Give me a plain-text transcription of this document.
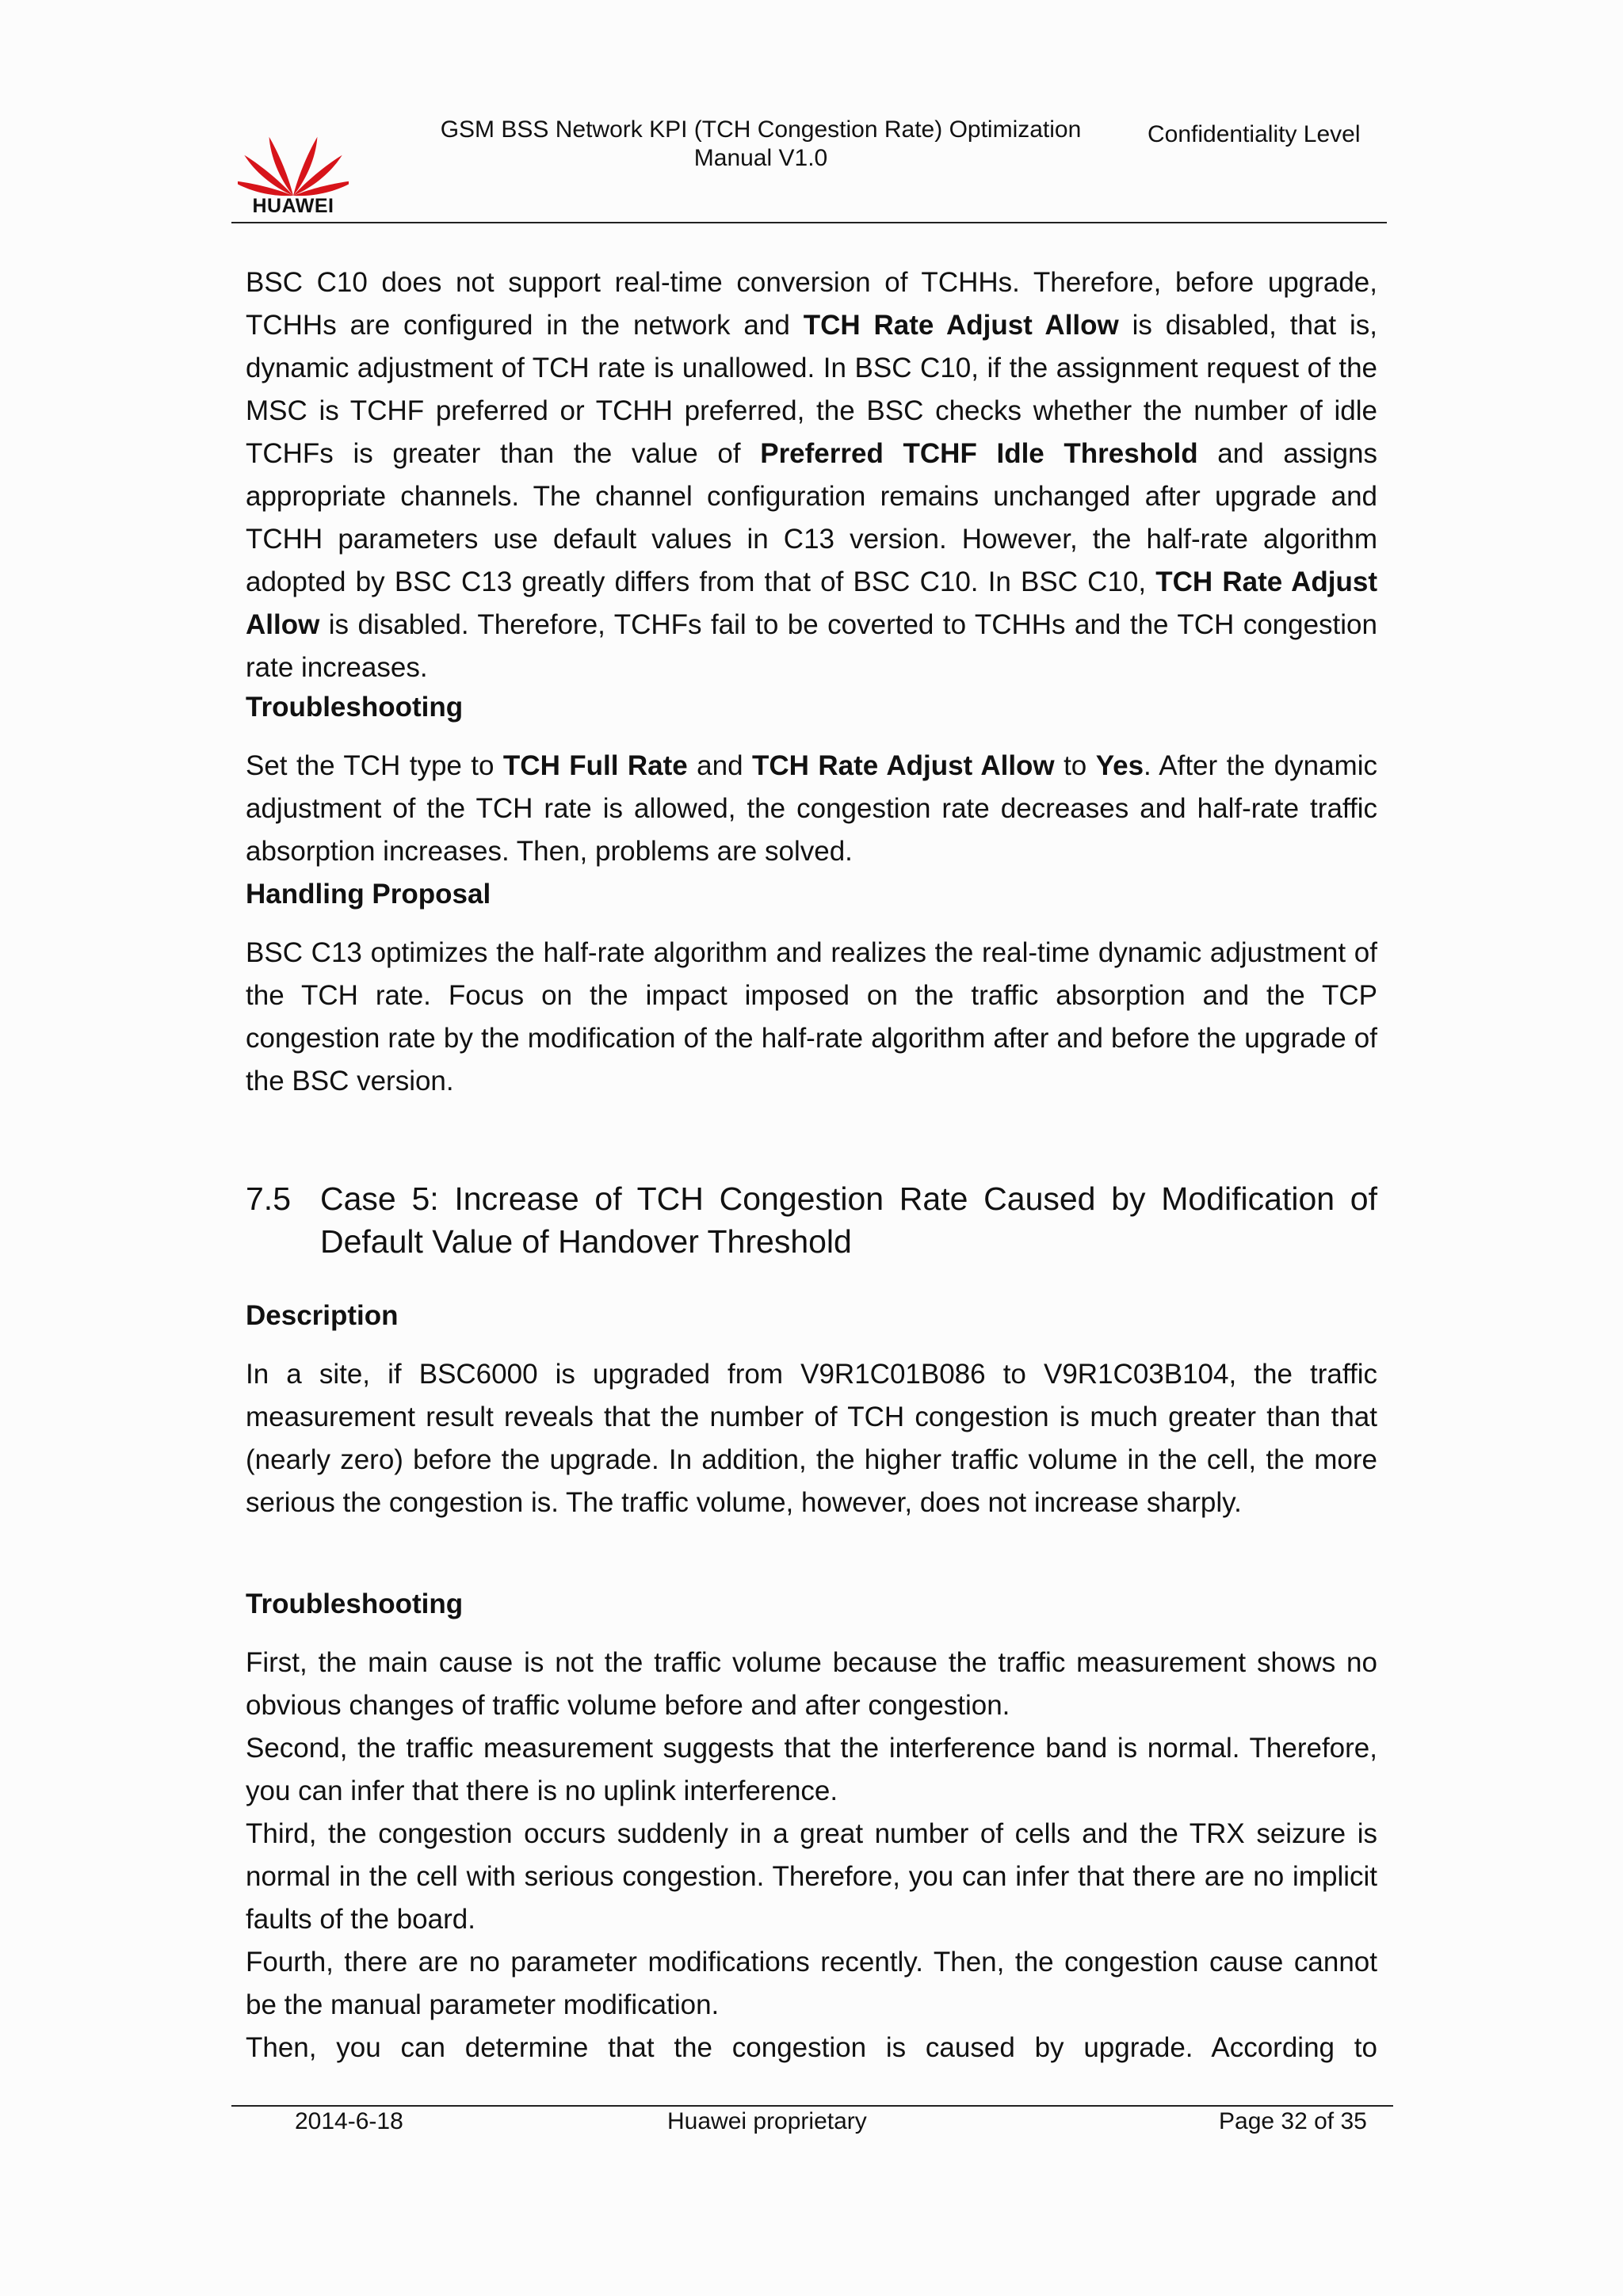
HUAWEI
GSM BSS Network KPI (TCH Congestion Rate) Optimization Manual V1.0
Confidentiality Level

BSC C10 does not support real-time conversion of TCHHs. Therefore, before upgrade, TCHHs are configured in the network and TCH Rate Adjust Allow is disabled, that is, dynamic adjustment of TCH rate is unallowed. In BSC C10, if the assignment request of the MSC is TCHF preferred or TCHH preferred, the BSC checks whether the number of idle TCHFs is greater than the value of Preferred TCHF Idle Threshold and assigns appropriate channels. The channel configuration remains unchanged after upgrade and TCHH parameters use default values in C13 version. However, the half-rate algorithm adopted by BSC C13 greatly differs from that of BSC C10. In BSC C10, TCH Rate Adjust Allow is disabled. Therefore, TCHFs fail to be coverted to TCHHs and the TCH congestion rate increases.

Troubleshooting

Set the TCH type to TCH Full Rate and TCH Rate Adjust Allow to Yes. After the dynamic adjustment of the TCH rate is allowed, the congestion rate decreases and half-rate traffic absorption increases. Then, problems are solved.

Handling Proposal

BSC C13 optimizes the half-rate algorithm and realizes the real-time dynamic adjustment of the TCH rate. Focus on the impact imposed on the traffic absorption and the TCP congestion rate by the modification of the half-rate algorithm after and before the upgrade of the BSC version.

7.5 Case 5: Increase of TCH Congestion Rate Caused by Modification of Default Value of Handover Threshold
Description

In a site, if BSC6000 is upgraded from V9R1C01B086 to V9R1C03B104, the traffic measurement result reveals that the number of TCH congestion is much greater than that (nearly zero) before the upgrade. In addition, the higher traffic volume in the cell, the more serious the congestion is. The traffic volume, however, does not increase sharply.

Troubleshooting

First, the main cause is not the traffic volume because the traffic measurement shows no obvious changes of traffic volume before and after congestion.

Second, the traffic measurement suggests that the interference band is normal. Therefore, you can infer that there is no uplink interference.

Third, the congestion occurs suddenly in a great number of cells and the TRX seizure is normal in the cell with serious congestion. Therefore, you can infer that there are no implicit faults of the board.

Fourth, there are no parameter modifications recently. Then, the congestion cause cannot be the manual parameter modification.

Then, you can determine that the congestion is caused by upgrade. According to

2014-6-18	Huawei proprietary	Page 32 of 35
